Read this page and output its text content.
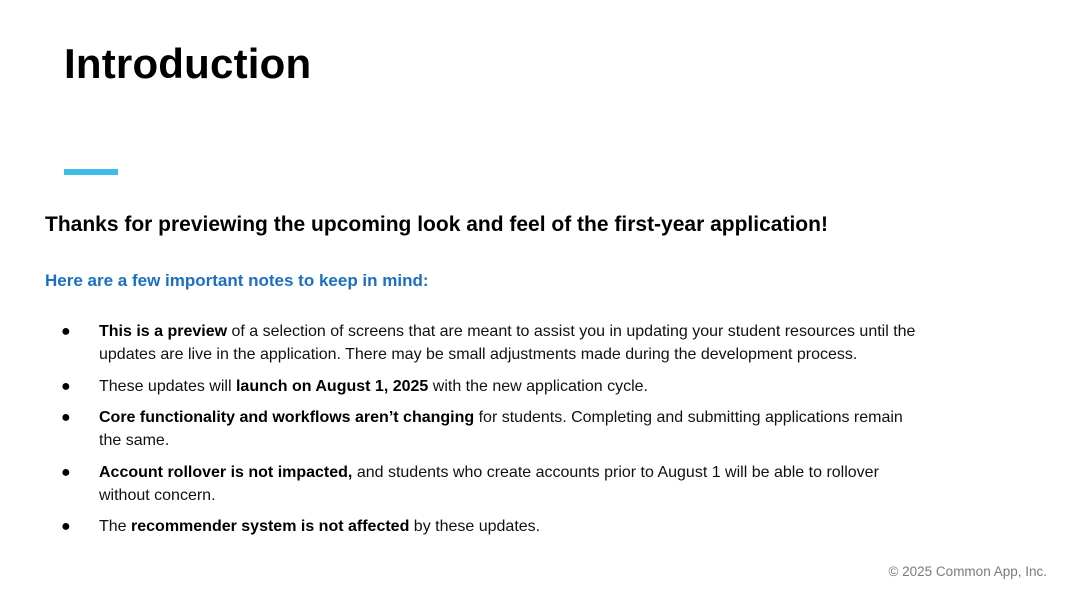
Introduction

Thanks for previewing the upcoming look and feel of the first-year application!

Here are a few important notes to keep in mind:

● This is a preview of a selection of screens that are meant to assist you in updating your student resources until the updates are live in the application. There may be small adjustments made during the development process.
● These updates will launch on August 1, 2025 with the new application cycle.
● Core functionality and workflows aren’t changing for students. Completing and submitting applications remain the same.
● Account rollover is not impacted, and students who create accounts prior to August 1 will be able to rollover without concern.
● The recommender system is not affected by these updates.
© 2025 Common App, Inc.
